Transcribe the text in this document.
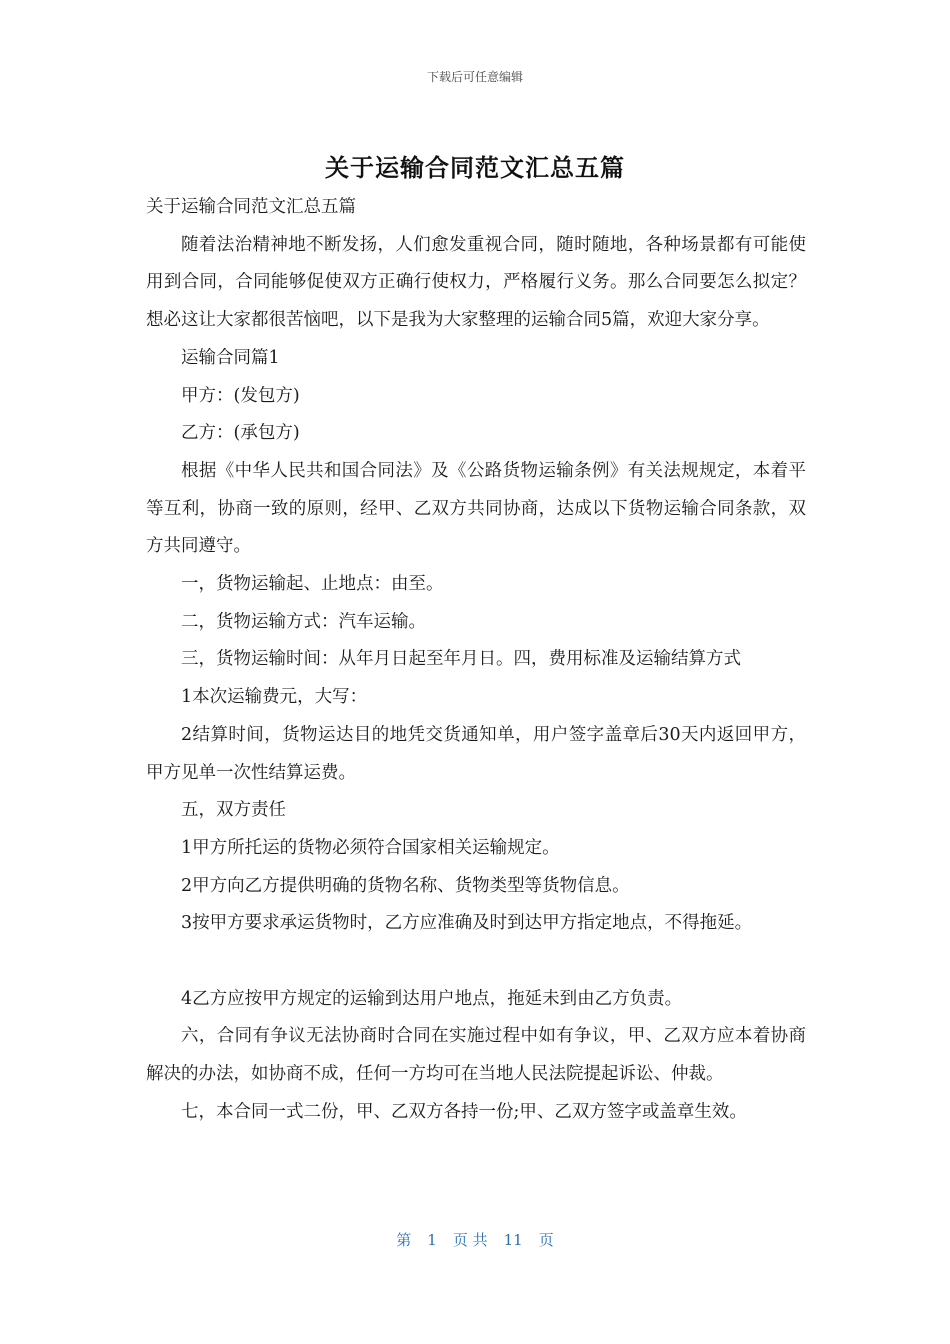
下载后可任意编辑
关于运输合同范文汇总五篇

关于运输合同范文汇总五篇

随着法治精神地不断发扬，人们愈发重视合同，随时随地，各种场景都有可能使用到合同，合同能够促使双方正确行使权力，严格履行义务。那么合同要怎么拟定？想必这让大家都很苦恼吧，以下是我为大家整理的运输合同5篇，欢迎大家分享。

运输合同篇1

甲方：(发包方)

乙方：(承包方)

根据《中华人民共和国合同法》及《公路货物运输条例》有关法规规定，本着平等互利，协商一致的原则，经甲、乙双方共同协商，达成以下货物运输合同条款，双方共同遵守。

一，货物运输起、止地点：由至。

二，货物运输方式：汽车运输。

三，货物运输时间：从年月日起至年月日。四，费用标准及运输结算方式

1本次运输费元，大写：

2结算时间，货物运达目的地凭交货通知单，用户签字盖章后30天内返回甲方，甲方见单一次性结算运费。

五，双方责任

1甲方所托运的货物必须符合国家相关运输规定。

2甲方向乙方提供明确的货物名称、货物类型等货物信息。

3按甲方要求承运货物时，乙方应准确及时到达甲方指定地点，不得拖延。

4乙方应按甲方规定的运输到达用户地点，拖延未到由乙方负责。

六，合同有争议无法协商时合同在实施过程中如有争议，甲、乙双方应本着协商解决的办法，如协商不成，任何一方均可在当地人民法院提起诉讼、仲裁。

七，本合同一式二份，甲、乙双方各持一份;甲、乙双方签字或盖章生效。

第 1 页 共 11 页
